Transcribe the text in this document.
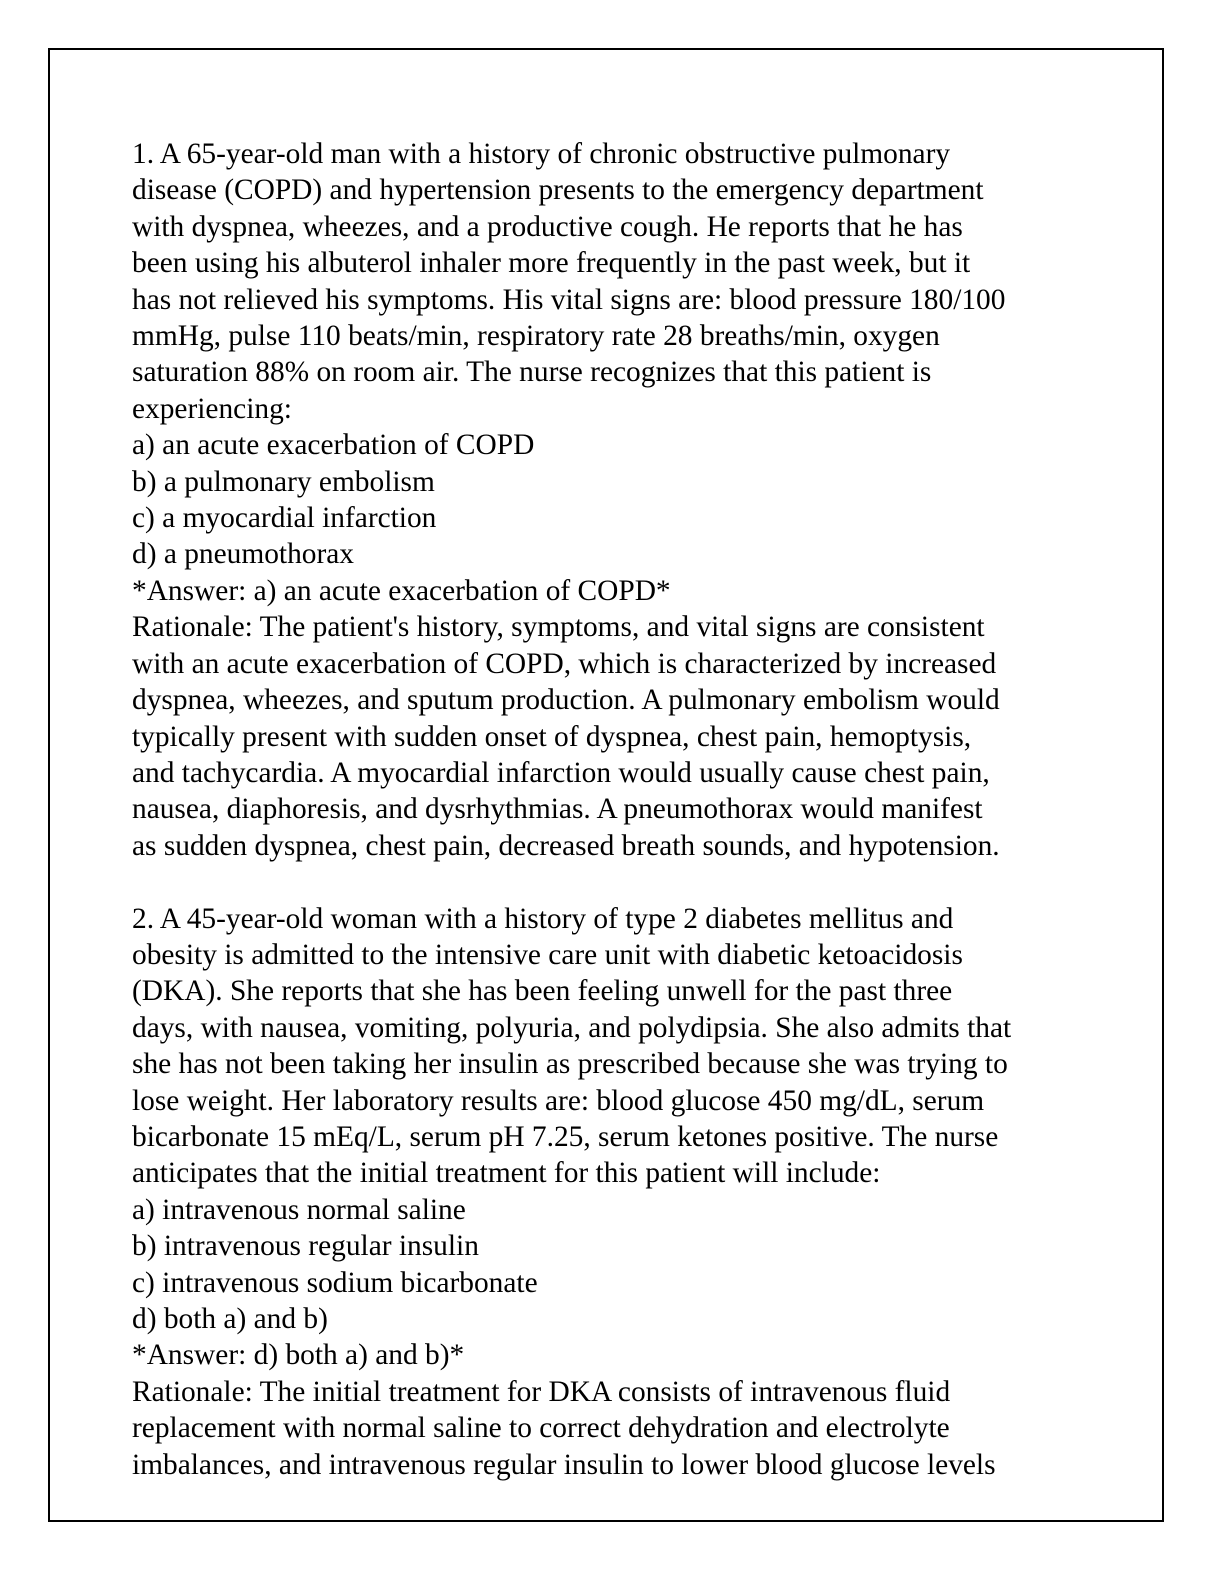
1. A 65-year-old man with a history of chronic obstructive pulmonary
disease (COPD) and hypertension presents to the emergency department
with dyspnea, wheezes, and a productive cough. He reports that he has
been using his albuterol inhaler more frequently in the past week, but it
has not relieved his symptoms. His vital signs are: blood pressure 180/100
mmHg, pulse 110 beats/min, respiratory rate 28 breaths/min, oxygen
saturation 88% on room air. The nurse recognizes that this patient is
experiencing:
a) an acute exacerbation of COPD
b) a pulmonary embolism
c) a myocardial infarction
d) a pneumothorax
*Answer: a) an acute exacerbation of COPD*
Rationale: The patient's history, symptoms, and vital signs are consistent
with an acute exacerbation of COPD, which is characterized by increased
dyspnea, wheezes, and sputum production. A pulmonary embolism would
typically present with sudden onset of dyspnea, chest pain, hemoptysis,
and tachycardia. A myocardial infarction would usually cause chest pain,
nausea, diaphoresis, and dysrhythmias. A pneumothorax would manifest
as sudden dyspnea, chest pain, decreased breath sounds, and hypotension.
2. A 45-year-old woman with a history of type 2 diabetes mellitus and
obesity is admitted to the intensive care unit with diabetic ketoacidosis
(DKA). She reports that she has been feeling unwell for the past three
days, with nausea, vomiting, polyuria, and polydipsia. She also admits that
she has not been taking her insulin as prescribed because she was trying to
lose weight. Her laboratory results are: blood glucose 450 mg/dL, serum
bicarbonate 15 mEq/L, serum pH 7.25, serum ketones positive. The nurse
anticipates that the initial treatment for this patient will include:
a) intravenous normal saline
b) intravenous regular insulin
c) intravenous sodium bicarbonate
d) both a) and b)
*Answer: d) both a) and b)*
Rationale: The initial treatment for DKA consists of intravenous fluid
replacement with normal saline to correct dehydration and electrolyte
imbalances, and intravenous regular insulin to lower blood glucose levels
